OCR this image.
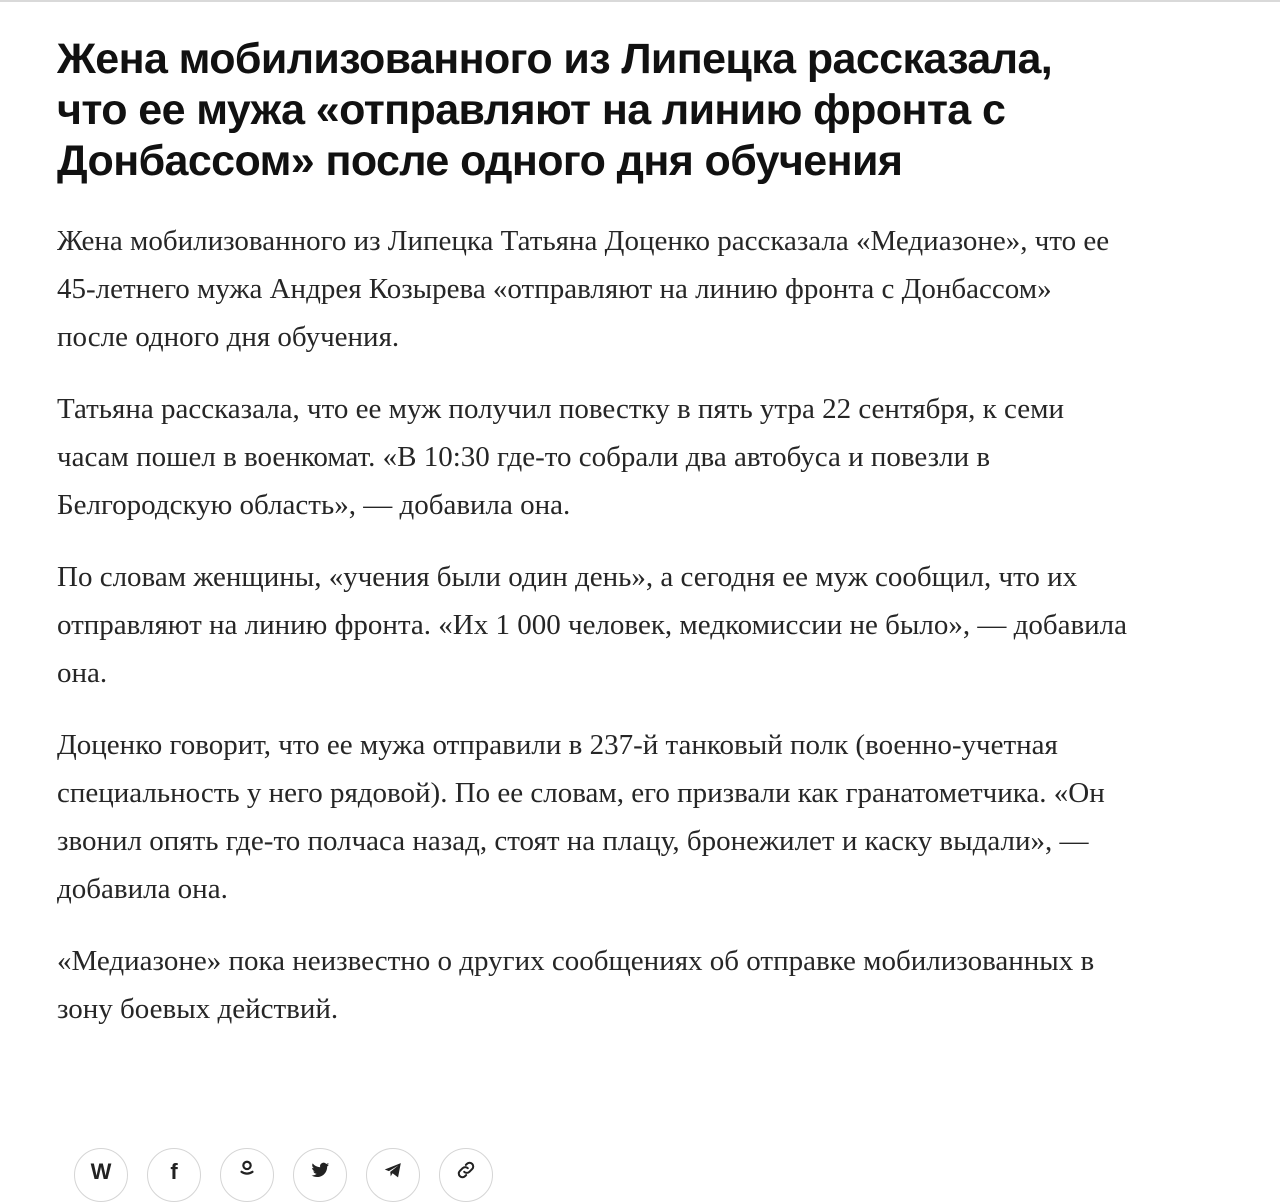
Жена мобилизованного из Липецка рассказала, что ее мужа «отправляют на линию фронта с Донбассом» после одного дня обучения

Жена мобилизованного из Липецка Татьяна Доценко рассказала «Медиазоне», что ее 45-летнего мужа Андрея Козырева «отправляют на линию фронта с Донбассом» после одного дня обучения.

Татьяна рассказала, что ее муж получил повестку в пять утра 22 сентября, к семи часам пошел в военкомат. «В 10:30 где-то собрали два автобуса и повезли в Белгородскую область», — добавила она.

По словам женщины, «учения были один день», а сегодня ее муж сообщил, что их отправляют на линию фронта. «Их 1 000 человек, медкомиссии не было», — добавила она.

Доценко говорит, что ее мужа отправили в 237-й танковый полк (военно-учетная специальность у него рядовой). По ее словам, его призвали как гранатометчика. «Он звонил опять где-то полчаса назад, стоят на плацу, бронежилет и каску выдали», — добавила она.

«Медиазоне» пока неизвестно о других сообщениях об отправке мобилизованных в зону боевых действий.

W	f
